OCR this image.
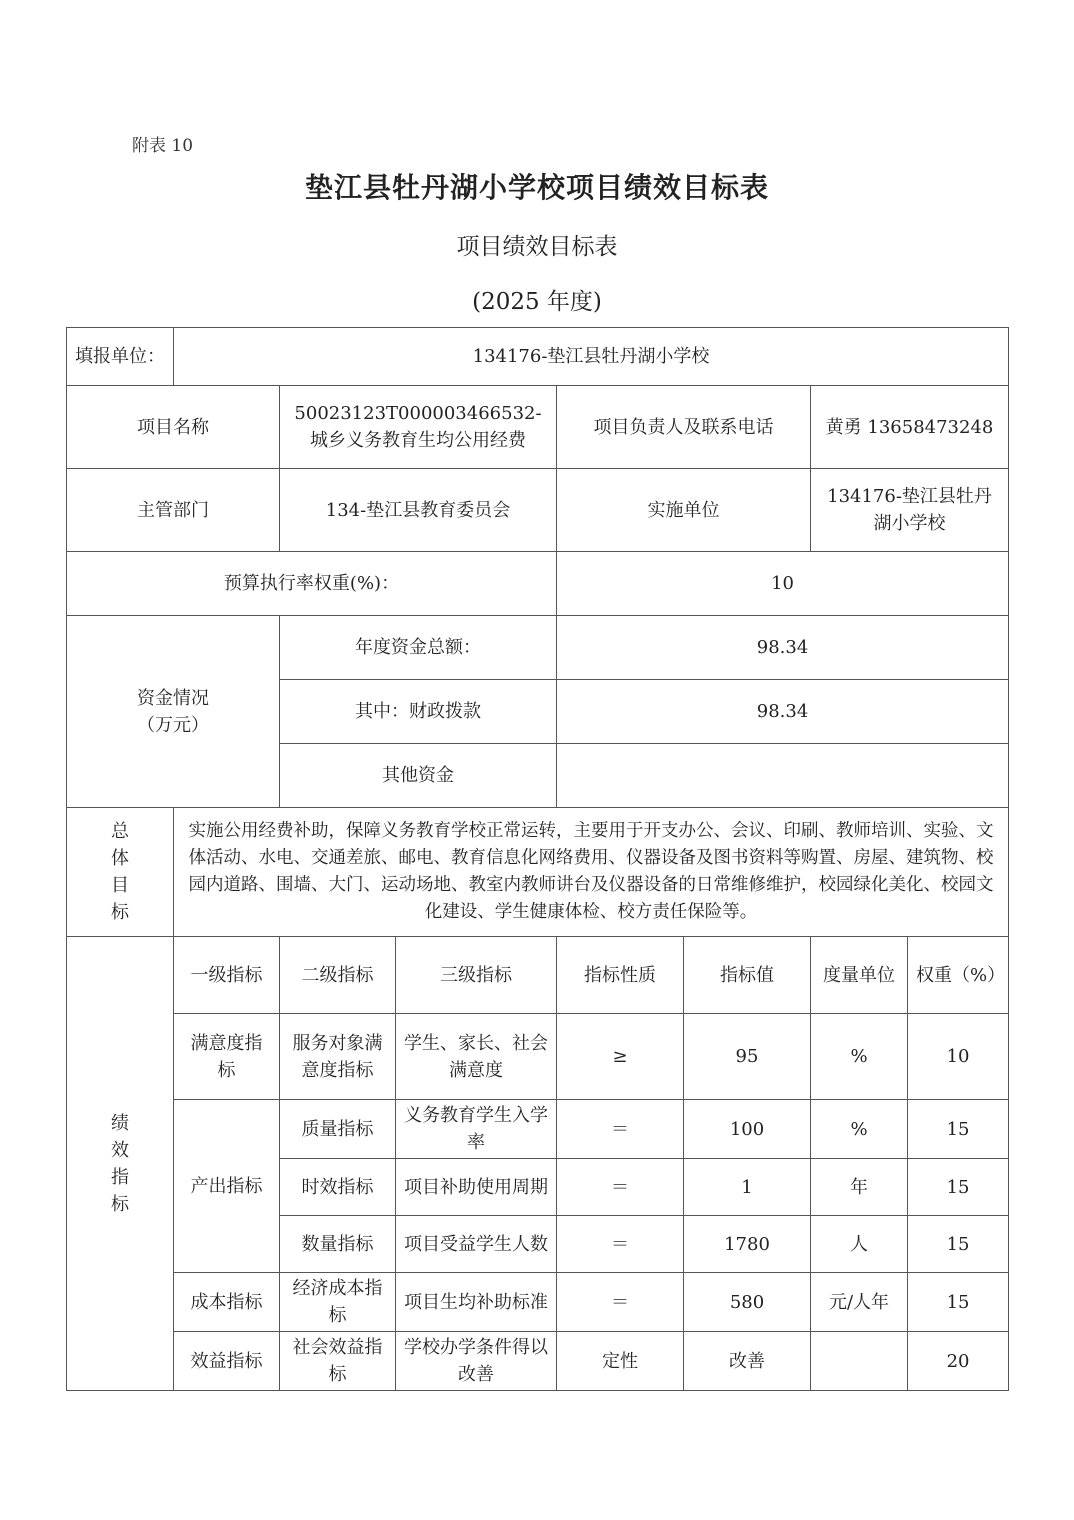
附表 10
垫江县牡丹湖小学校项目绩效目标表
项目绩效目标表
(2025 年度)
填报单位：	134176-垫江县牡丹湖小学校						
项目名称		50023123T000003466532-城乡义务教育生均公用经费		项目负责人及联系电话		黄勇 13658473248	
主管部门		134-垫江县教育委员会		实施单位		134176-垫江县牡丹湖小学校	
预算执行率权重(%)：				10			

资金情况
（万元）		年度资金总额：		98.34			
		其中：财政拨款		98.34			
		其他资金					

总
体
目
标	实施公用经费补助，保障义务教育学校正常运转，主要用于开支办公、会议、印刷、教师培训、实验、文体活动、水电、交通差旅、邮电、教育信息化网络费用、仪器设备及图书资料等购置、房屋、建筑物、校园内道路、围墙、大门、运动场地、教室内教师讲台及仪器设备的日常维修维护，校园绿化美化、校园文化建设、学生健康体检、校方责任保险等。						

绩
效
指
标	一级指标	二级指标	三级指标	指标性质	指标值	度量单位	权重（%）
	满意度指标	服务对象满意度指标	学生、家长、社会满意度	≥	95	%	10
	产出指标	质量指标	义务教育学生入学率	＝	100	%	15
		时效指标	项目补助使用周期	＝	1	年	15
		数量指标	项目受益学生人数	＝	1780	人	15
	成本指标	经济成本指标	项目生均补助标准	＝	580	元/人年	15
	效益指标	社会效益指标	学校办学条件得以改善	定性	改善		20
